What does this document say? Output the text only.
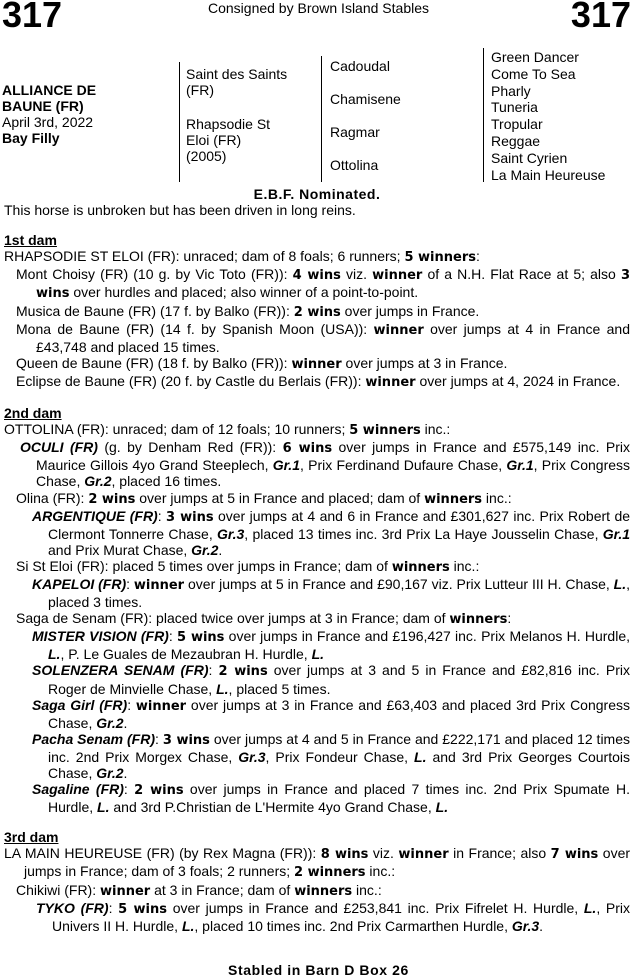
317	Consigned by Brown Island Stables	317
ALLIANCE DE
BAUNE (FR)
April 3rd, 2022
Bay Filly
Saint des Saints
(FR)
Rhapsodie St
Eloi (FR)
(2005)
Cadoudal
Chamisene
Ragmar
Ottolina
Green Dancer
Come To Sea
Pharly
Tuneria
Tropular
Reggae
Saint Cyrien
La Main Heureuse
E.B.F. Nominated.
This horse is unbroken but has been driven in long reins.
1st dam
RHAPSODIE ST ELOI (FR): unraced; dam of 8 foals; 6 runners; 5 winners:
Mont Choisy (FR) (10 g. by Vic Toto (FR)): 4 wins viz. winner of a N.H. Flat Race at 5; also 3 wins over hurdles and placed; also winner of a point-to-point.
Musica de Baune (FR) (17 f. by Balko (FR)): 2 wins over jumps in France.
Mona de Baune (FR) (14 f. by Spanish Moon (USA)): winner over jumps at 4 in France and £43,748 and placed 15 times.
Queen de Baune (FR) (18 f. by Balko (FR)): winner over jumps at 3 in France.
Eclipse de Baune (FR) (20 f. by Castle du Berlais (FR)): winner over jumps at 4, 2024 in France.
2nd dam
OTTOLINA (FR): unraced; dam of 12 foals; 10 runners; 5 winners inc.:
OCULI (FR) (g. by Denham Red (FR)): 6 wins over jumps in France and £575,149 inc. Prix Maurice Gillois 4yo Grand Steeplech, Gr.1, Prix Ferdinand Dufaure Chase, Gr.1, Prix Congress Chase, Gr.2, placed 16 times.
Olina (FR): 2 wins over jumps at 5 in France and placed; dam of winners inc.:
ARGENTIQUE (FR): 3 wins over jumps at 4 and 6 in France and £301,627 inc. Prix Robert de Clermont Tonnerre Chase, Gr.3, placed 13 times inc. 3rd Prix La Haye Jousselin Chase, Gr.1 and Prix Murat Chase, Gr.2.
Si St Eloi (FR): placed 5 times over jumps in France; dam of winners inc.:
KAPELOI (FR): winner over jumps at 5 in France and £90,167 viz. Prix Lutteur III H. Chase, L., placed 3 times.
Saga de Senam (FR): placed twice over jumps at 3 in France; dam of winners:
MISTER VISION (FR): 5 wins over jumps in France and £196,427 inc. Prix Melanos H. Hurdle, L., P. Le Guales de Mezaubran H. Hurdle, L.
SOLENZERA SENAM (FR): 2 wins over jumps at 3 and 5 in France and £82,816 inc. Prix Roger de Minvielle Chase, L., placed 5 times.
Saga Girl (FR): winner over jumps at 3 in France and £63,403 and placed 3rd Prix Congress Chase, Gr.2.
Pacha Senam (FR): 3 wins over jumps at 4 and 5 in France and £222,171 and placed 12 times inc. 2nd Prix Morgex Chase, Gr.3, Prix Fondeur Chase, L. and 3rd Prix Georges Courtois Chase, Gr.2.
Sagaline (FR): 2 wins over jumps in France and placed 7 times inc. 2nd Prix Spumate H. Hurdle, L. and 3rd P.Christian de L'Hermite 4yo Grand Chase, L.
3rd dam
LA MAIN HEUREUSE (FR) (by Rex Magna (FR)): 8 wins viz. winner in France; also 7 wins over jumps in France; dam of 3 foals; 2 runners; 2 winners inc.:
Chikiwi (FR): winner at 3 in France; dam of winners inc.:
TYKO (FR): 5 wins over jumps in France and £253,841 inc. Prix Fifrelet H. Hurdle, L., Prix Univers II H. Hurdle, L., placed 10 times inc. 2nd Prix Carmarthen Hurdle, Gr.3.
Stabled in Barn D Box 26
